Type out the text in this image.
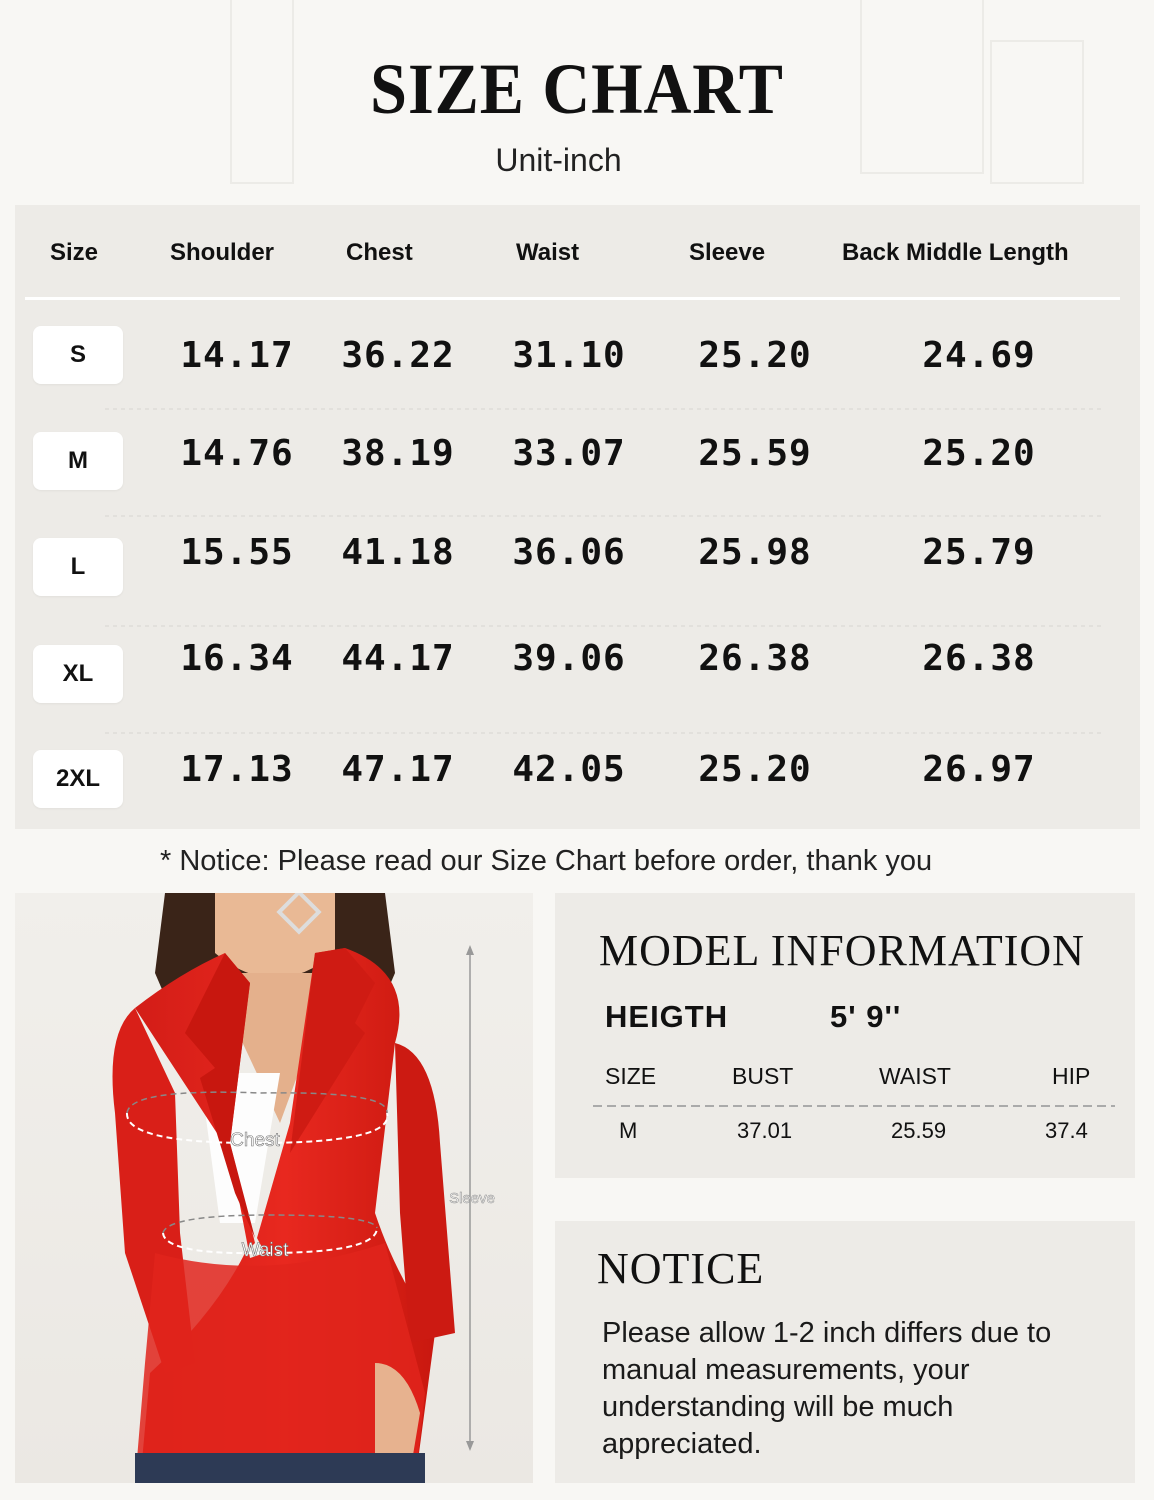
SIZE CHART
Unit-inch
Size	Shoulder	Chest	Waist	Sleeve	Back Middle Length
S	14.17	36.22	31.10	25.20	24.69
M	14.76	38.19	33.07	25.59	25.20
L	15.55	41.18	36.06	25.98	25.79
XL	16.34	44.17	39.06	26.38	26.38
2XL	17.13	47.17	42.05	25.20	26.97
* Notice: Please read our Size Chart before order, thank you
Chest
Waist
Sleeve
MODEL INFORMATION
HEIGTH	5' 9''
SIZE	BUST	WAIST	HIP
M	37.01	25.59	37.4
NOTICE
Please allow 1-2 inch differs due to manual measurements, your understanding will be much appreciated.
